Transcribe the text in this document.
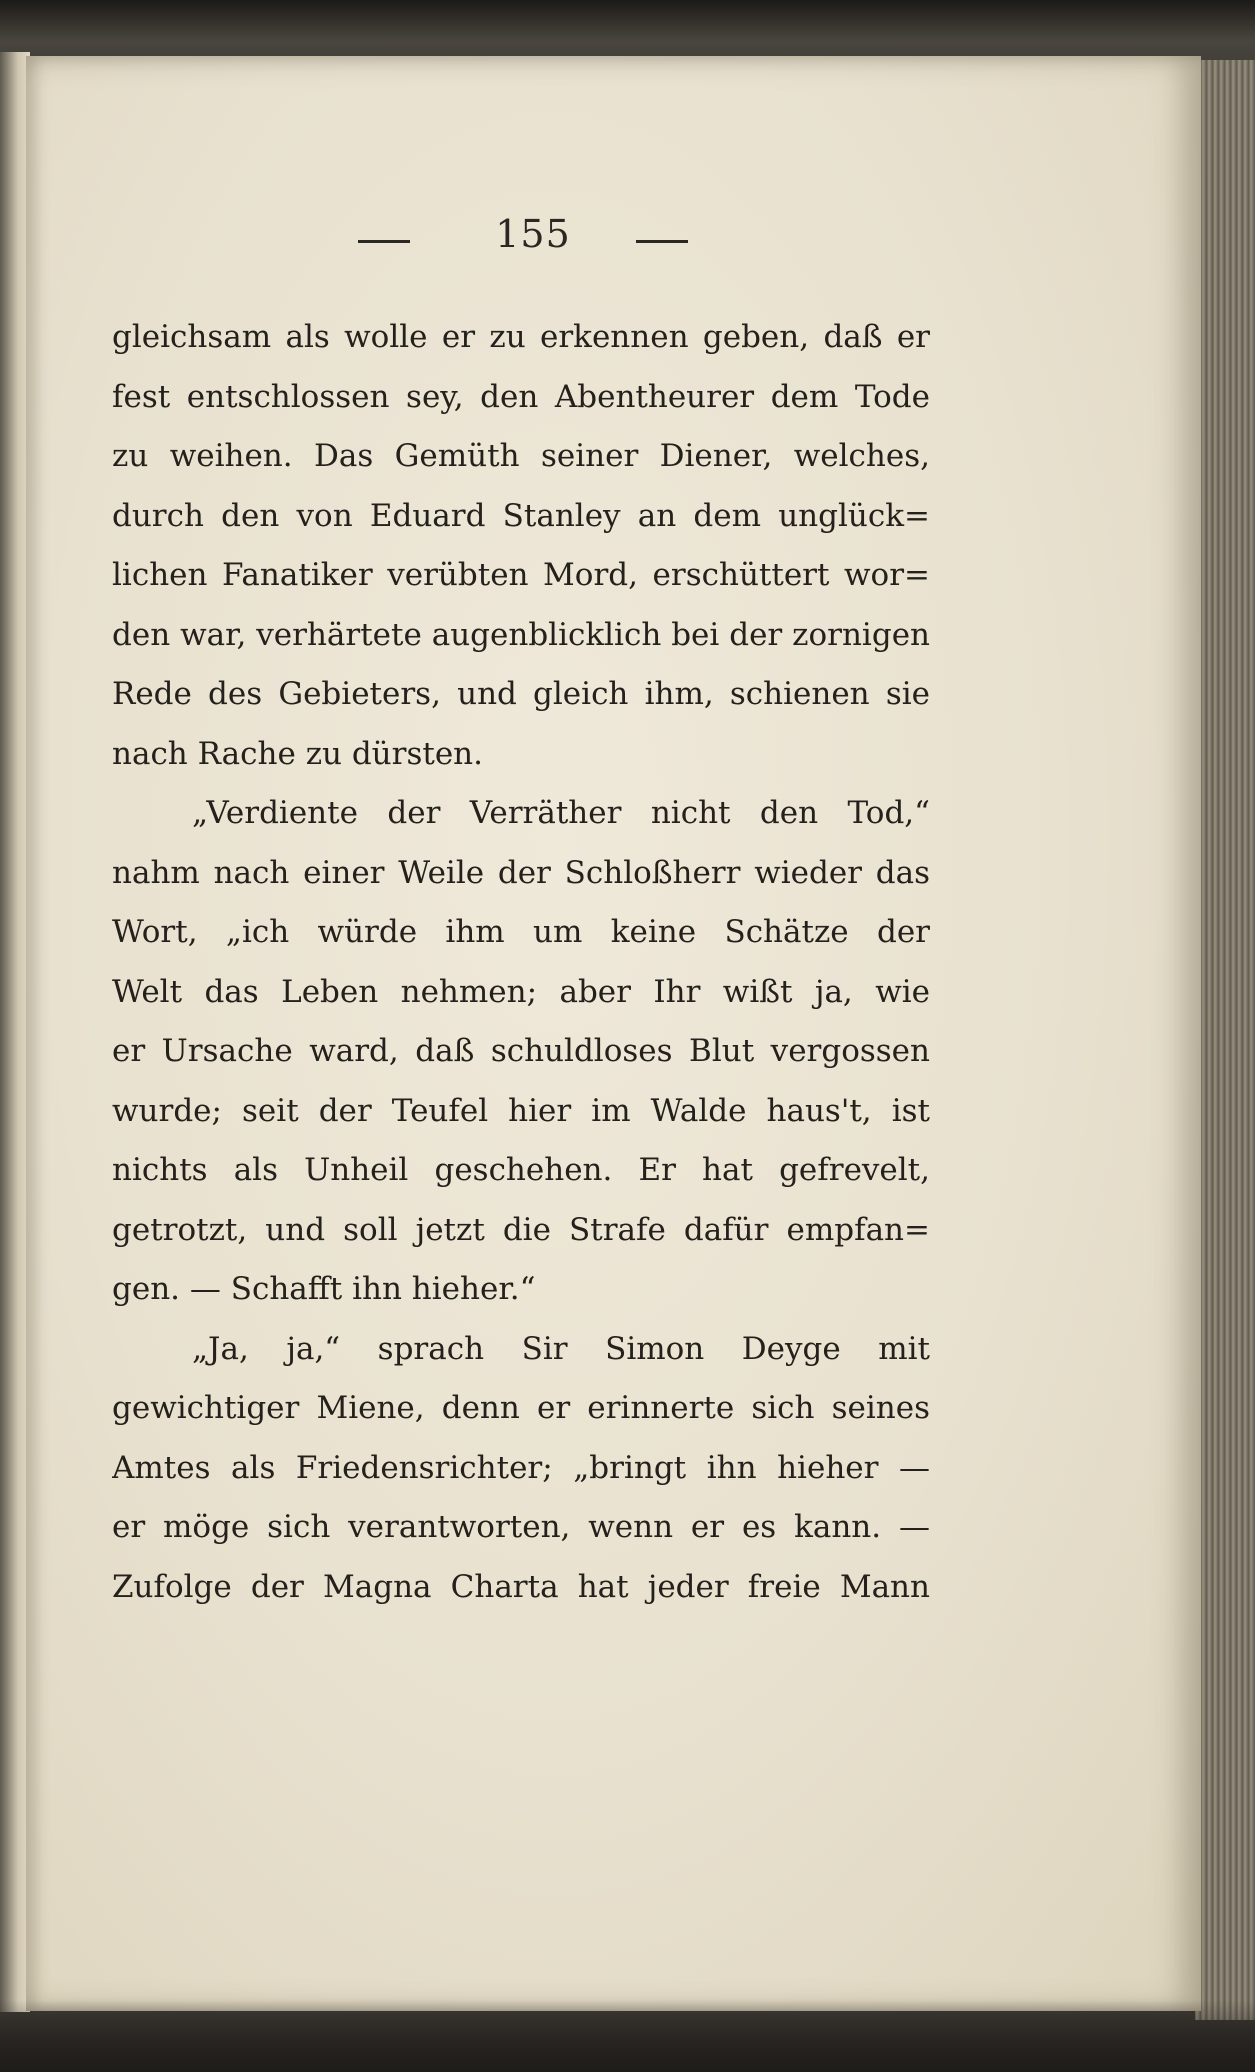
155
gleichsam als wolle er zu erkennen geben, daß er
fest entschlossen sey, den Abentheurer dem Tode
zu weihen. Das Gemüth seiner Diener, welches,
durch den von Eduard Stanley an dem unglück=
lichen Fanatiker verübten Mord, erschüttert wor=
den war, verhärtete augenblicklich bei der zornigen
Rede des Gebieters, und gleich ihm, schienen sie
nach Rache zu dürsten.
„Verdiente der Verräther nicht den Tod,“
nahm nach einer Weile der Schloßherr wieder das
Wort, „ich würde ihm um keine Schätze der
Welt das Leben nehmen; aber Ihr wißt ja, wie
er Ursache ward, daß schuldloses Blut vergossen
wurde; seit der Teufel hier im Walde haus't, ist
nichts als Unheil geschehen. Er hat gefrevelt,
getrotzt, und soll jetzt die Strafe dafür empfan=
gen. — Schafft ihn hieher.“
„Ja, ja,“ sprach Sir Simon Deyge mit
gewichtiger Miene, denn er erinnerte sich seines
Amtes als Friedensrichter; „bringt ihn hieher —
er möge sich verantworten, wenn er es kann. —
Zufolge der Magna Charta hat jeder freie Mann
